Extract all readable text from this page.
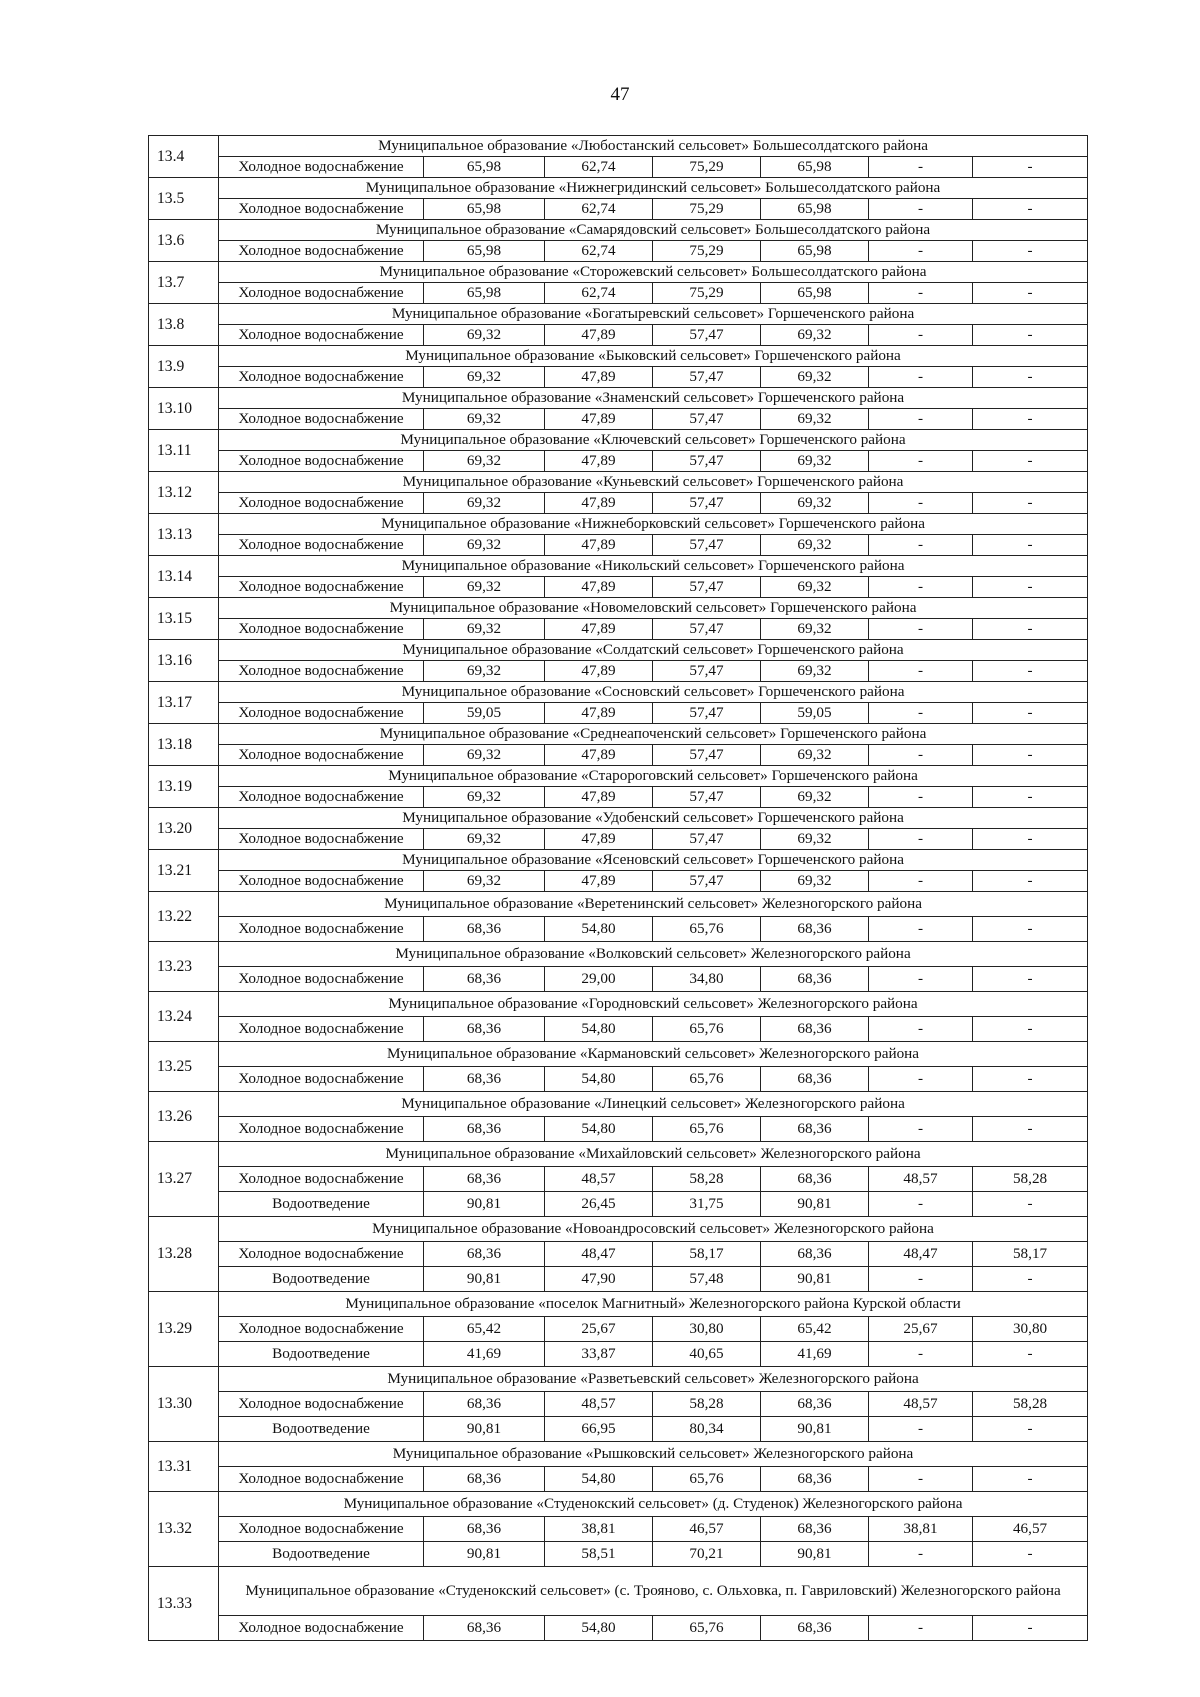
47
13.4	Муниципальное образование «Любостанский сельсовет» Большесолдатского района						
	Холодное водоснабжение	65,98	62,74	75,29	65,98	-	-
13.5	Муниципальное образование «Нижнегридинский сельсовет» Большесолдатского района						
	Холодное водоснабжение	65,98	62,74	75,29	65,98	-	-
13.6	Муниципальное образование «Самарядовский сельсовет» Большесолдатского района						
	Холодное водоснабжение	65,98	62,74	75,29	65,98	-	-
13.7	Муниципальное образование «Сторожевский сельсовет» Большесолдатского района						
	Холодное водоснабжение	65,98	62,74	75,29	65,98	-	-
13.8	Муниципальное образование «Богатыревский сельсовет» Горшеченского района						
	Холодное водоснабжение	69,32	47,89	57,47	69,32	-	-
13.9	Муниципальное образование «Быковский сельсовет» Горшеченского района						
	Холодное водоснабжение	69,32	47,89	57,47	69,32	-	-
13.10	Муниципальное образование «Знаменский сельсовет» Горшеченского района						
	Холодное водоснабжение	69,32	47,89	57,47	69,32	-	-
13.11	Муниципальное образование «Ключевский сельсовет» Горшеченского района						
	Холодное водоснабжение	69,32	47,89	57,47	69,32	-	-
13.12	Муниципальное образование «Куньевский сельсовет» Горшеченского района						
	Холодное водоснабжение	69,32	47,89	57,47	69,32	-	-
13.13	Муниципальное образование «Нижнеборковский сельсовет» Горшеченского района						
	Холодное водоснабжение	69,32	47,89	57,47	69,32	-	-
13.14	Муниципальное образование «Никольский сельсовет» Горшеченского района						
	Холодное водоснабжение	69,32	47,89	57,47	69,32	-	-
13.15	Муниципальное образование «Новомеловский сельсовет» Горшеченского района						
	Холодное водоснабжение	69,32	47,89	57,47	69,32	-	-
13.16	Муниципальное образование «Солдатский сельсовет» Горшеченского района						
	Холодное водоснабжение	69,32	47,89	57,47	69,32	-	-
13.17	Муниципальное образование «Сосновский сельсовет» Горшеченского района						
	Холодное водоснабжение	59,05	47,89	57,47	59,05	-	-
13.18	Муниципальное образование «Среднеапоченский сельсовет» Горшеченского района						
	Холодное водоснабжение	69,32	47,89	57,47	69,32	-	-
13.19	Муниципальное образование «Старороговский сельсовет» Горшеченского района						
	Холодное водоснабжение	69,32	47,89	57,47	69,32	-	-
13.20	Муниципальное образование «Удобенский сельсовет» Горшеченского района						
	Холодное водоснабжение	69,32	47,89	57,47	69,32	-	-
13.21	Муниципальное образование «Ясеновский сельсовет» Горшеченского района						
	Холодное водоснабжение	69,32	47,89	57,47	69,32	-	-
13.22	Муниципальное образование «Веретенинский сельсовет» Железногорского района						
	Холодное водоснабжение	68,36	54,80	65,76	68,36	-	-
13.23	Муниципальное образование «Волковский сельсовет» Железногорского района						
	Холодное водоснабжение	68,36	29,00	34,80	68,36	-	-
13.24	Муниципальное образование «Городновский сельсовет» Железногорского района						
	Холодное водоснабжение	68,36	54,80	65,76	68,36	-	-
13.25	Муниципальное образование «Кармановский сельсовет» Железногорского района						
	Холодное водоснабжение	68,36	54,80	65,76	68,36	-	-
13.26	Муниципальное образование «Линецкий сельсовет» Железногорского района						
	Холодное водоснабжение	68,36	54,80	65,76	68,36	-	-
13.27	Муниципальное образование «Михайловский сельсовет» Железногорского района						
	Холодное водоснабжение	68,36	48,57	58,28	68,36	48,57	58,28
	Водоотведение	90,81	26,45	31,75	90,81	-	-
13.28	Муниципальное образование «Новоандросовский сельсовет» Железногорского района						
	Холодное водоснабжение	68,36	48,47	58,17	68,36	48,47	58,17
	Водоотведение	90,81	47,90	57,48	90,81	-	-
13.29	Муниципальное образование «поселок Магнитный» Железногорского района Курской области						
	Холодное водоснабжение	65,42	25,67	30,80	65,42	25,67	30,80
	Водоотведение	41,69	33,87	40,65	41,69	-	-
13.30	Муниципальное образование «Разветьевский сельсовет» Железногорского района						
	Холодное водоснабжение	68,36	48,57	58,28	68,36	48,57	58,28
	Водоотведение	90,81	66,95	80,34	90,81	-	-
13.31	Муниципальное образование «Рышковский сельсовет» Железногорского района						
	Холодное водоснабжение	68,36	54,80	65,76	68,36	-	-
13.32	Муниципальное образование «Студенокский сельсовет» (д. Студенок) Железногорского района						
	Холодное водоснабжение	68,36	38,81	46,57	68,36	38,81	46,57
	Водоотведение	90,81	58,51	70,21	90,81	-	-
13.33	Муниципальное образование «Студенокский сельсовет» (с. Трояново, с. Ольховка, п. Гавриловский) Железногорского района						
	Холодное водоснабжение	68,36	54,80	65,76	68,36	-	-
